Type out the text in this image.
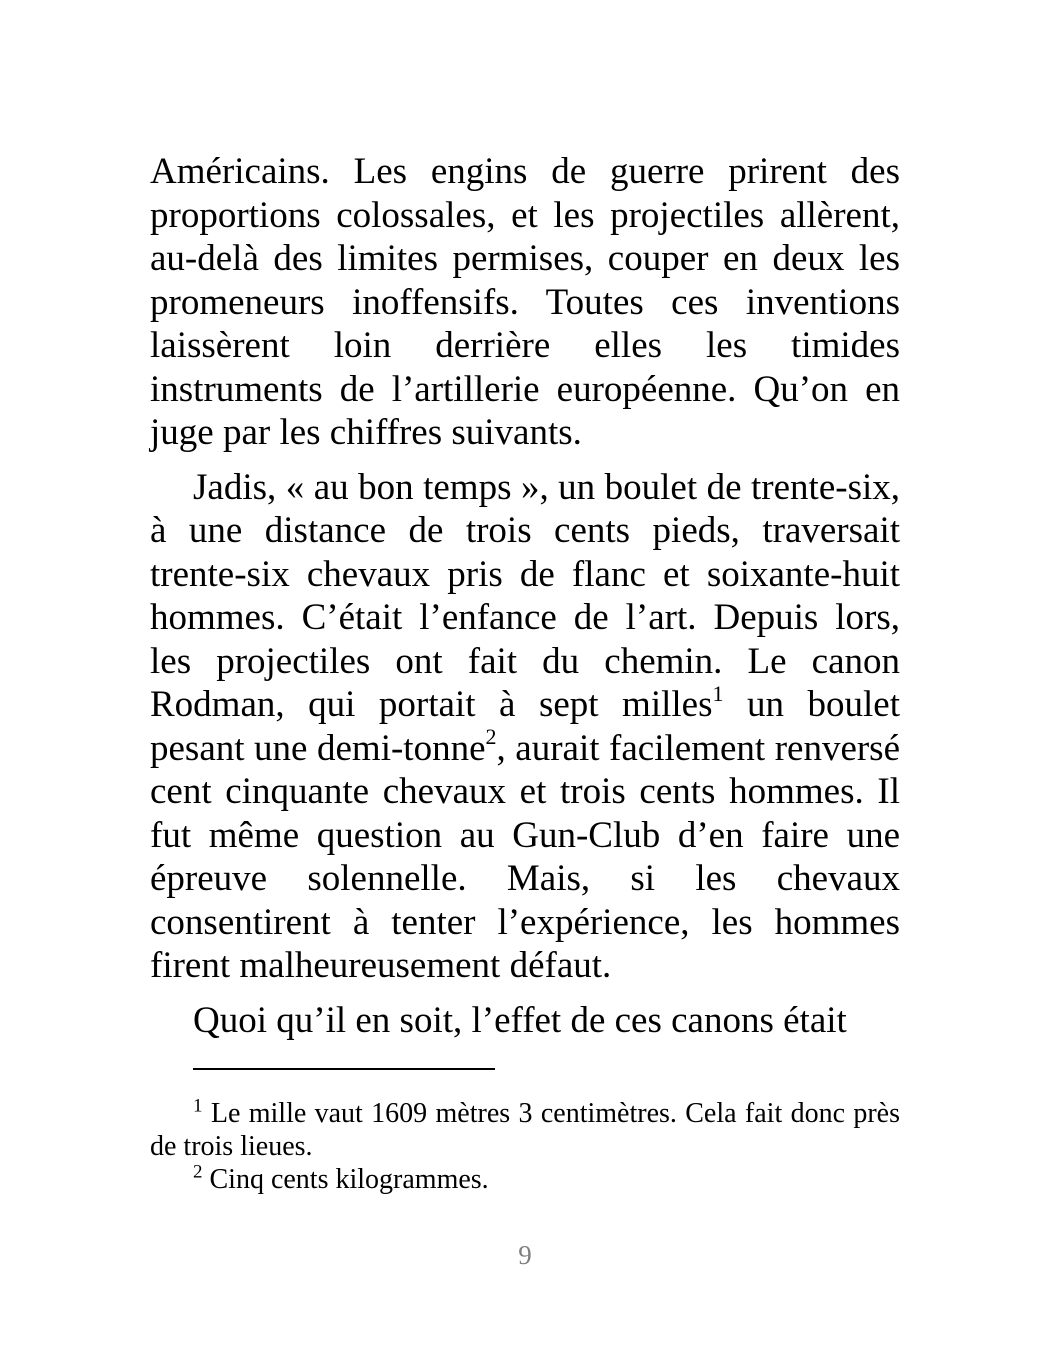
Américains. Les engins de guerre prirent des proportions colossales, et les projectiles allèrent, au-delà des limites permises, couper en deux les promeneurs inoffensifs. Toutes ces inventions laissèrent loin derrière elles les timides instruments de l’artillerie européenne. Qu’on en juge par les chiffres suivants.

Jadis, « au bon temps », un boulet de trente-six, à une distance de trois cents pieds, traversait trente-six chevaux pris de flanc et soixante-huit hommes. C’était l’enfance de l’art. Depuis lors, les projectiles ont fait du chemin. Le canon Rodman, qui portait à sept milles$^1$ un boulet pesant une demi-tonne$^2$, aurait facilement renversé cent cinquante chevaux et trois cents hommes. Il fut même question au Gun-Club d’en faire une épreuve solennelle. Mais, si les chevaux consentirent à tenter l’expérience, les hommes firent malheureusement défaut.

Quoi qu’il en soit, l’effet de ces canons était

$^1$ Le mille vaut 1609 mètres 3 centimètres. Cela fait donc près de trois lieues.

$^2$ Cinq cents kilogrammes.

9
